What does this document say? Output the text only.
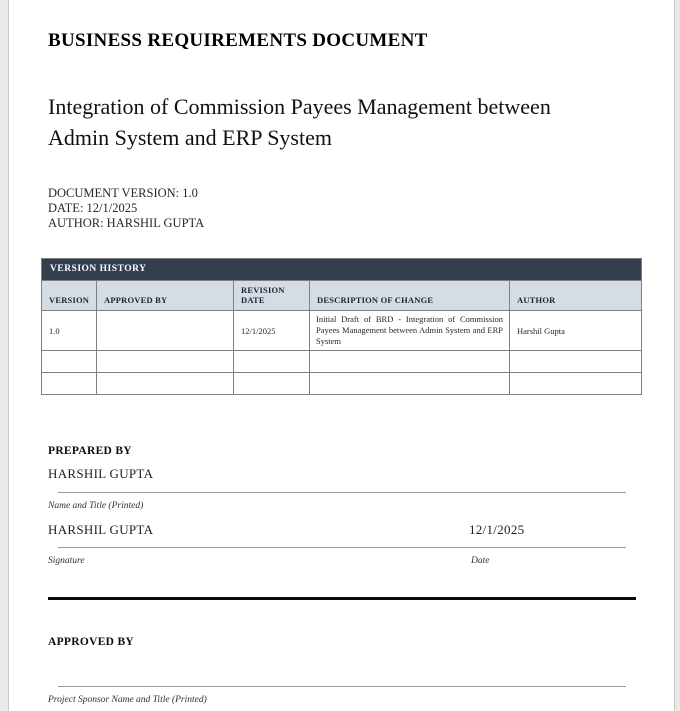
BUSINESS REQUIREMENTS DOCUMENT
Integration of Commission Payees Management between Admin System and ERP System
DOCUMENT VERSION: 1.0
DATE: 12/1/2025
AUTHOR: HARSHIL GUPTA
VERSION HISTORY				
VERSION	APPROVED BY	REVISION DATE	DESCRIPTION OF CHANGE	AUTHOR
1.0		12/1/2025	Initial Draft of BRD - Integration of Commission Payees Management between Admin System and ERP System	Harshil Gupta

PREPARED BY
HARSHIL GUPTA
Name and Title (Printed)
HARSHIL GUPTA	12/1/2025
Signature	Date
APPROVED BY
Project Sponsor Name and Title (Printed)
